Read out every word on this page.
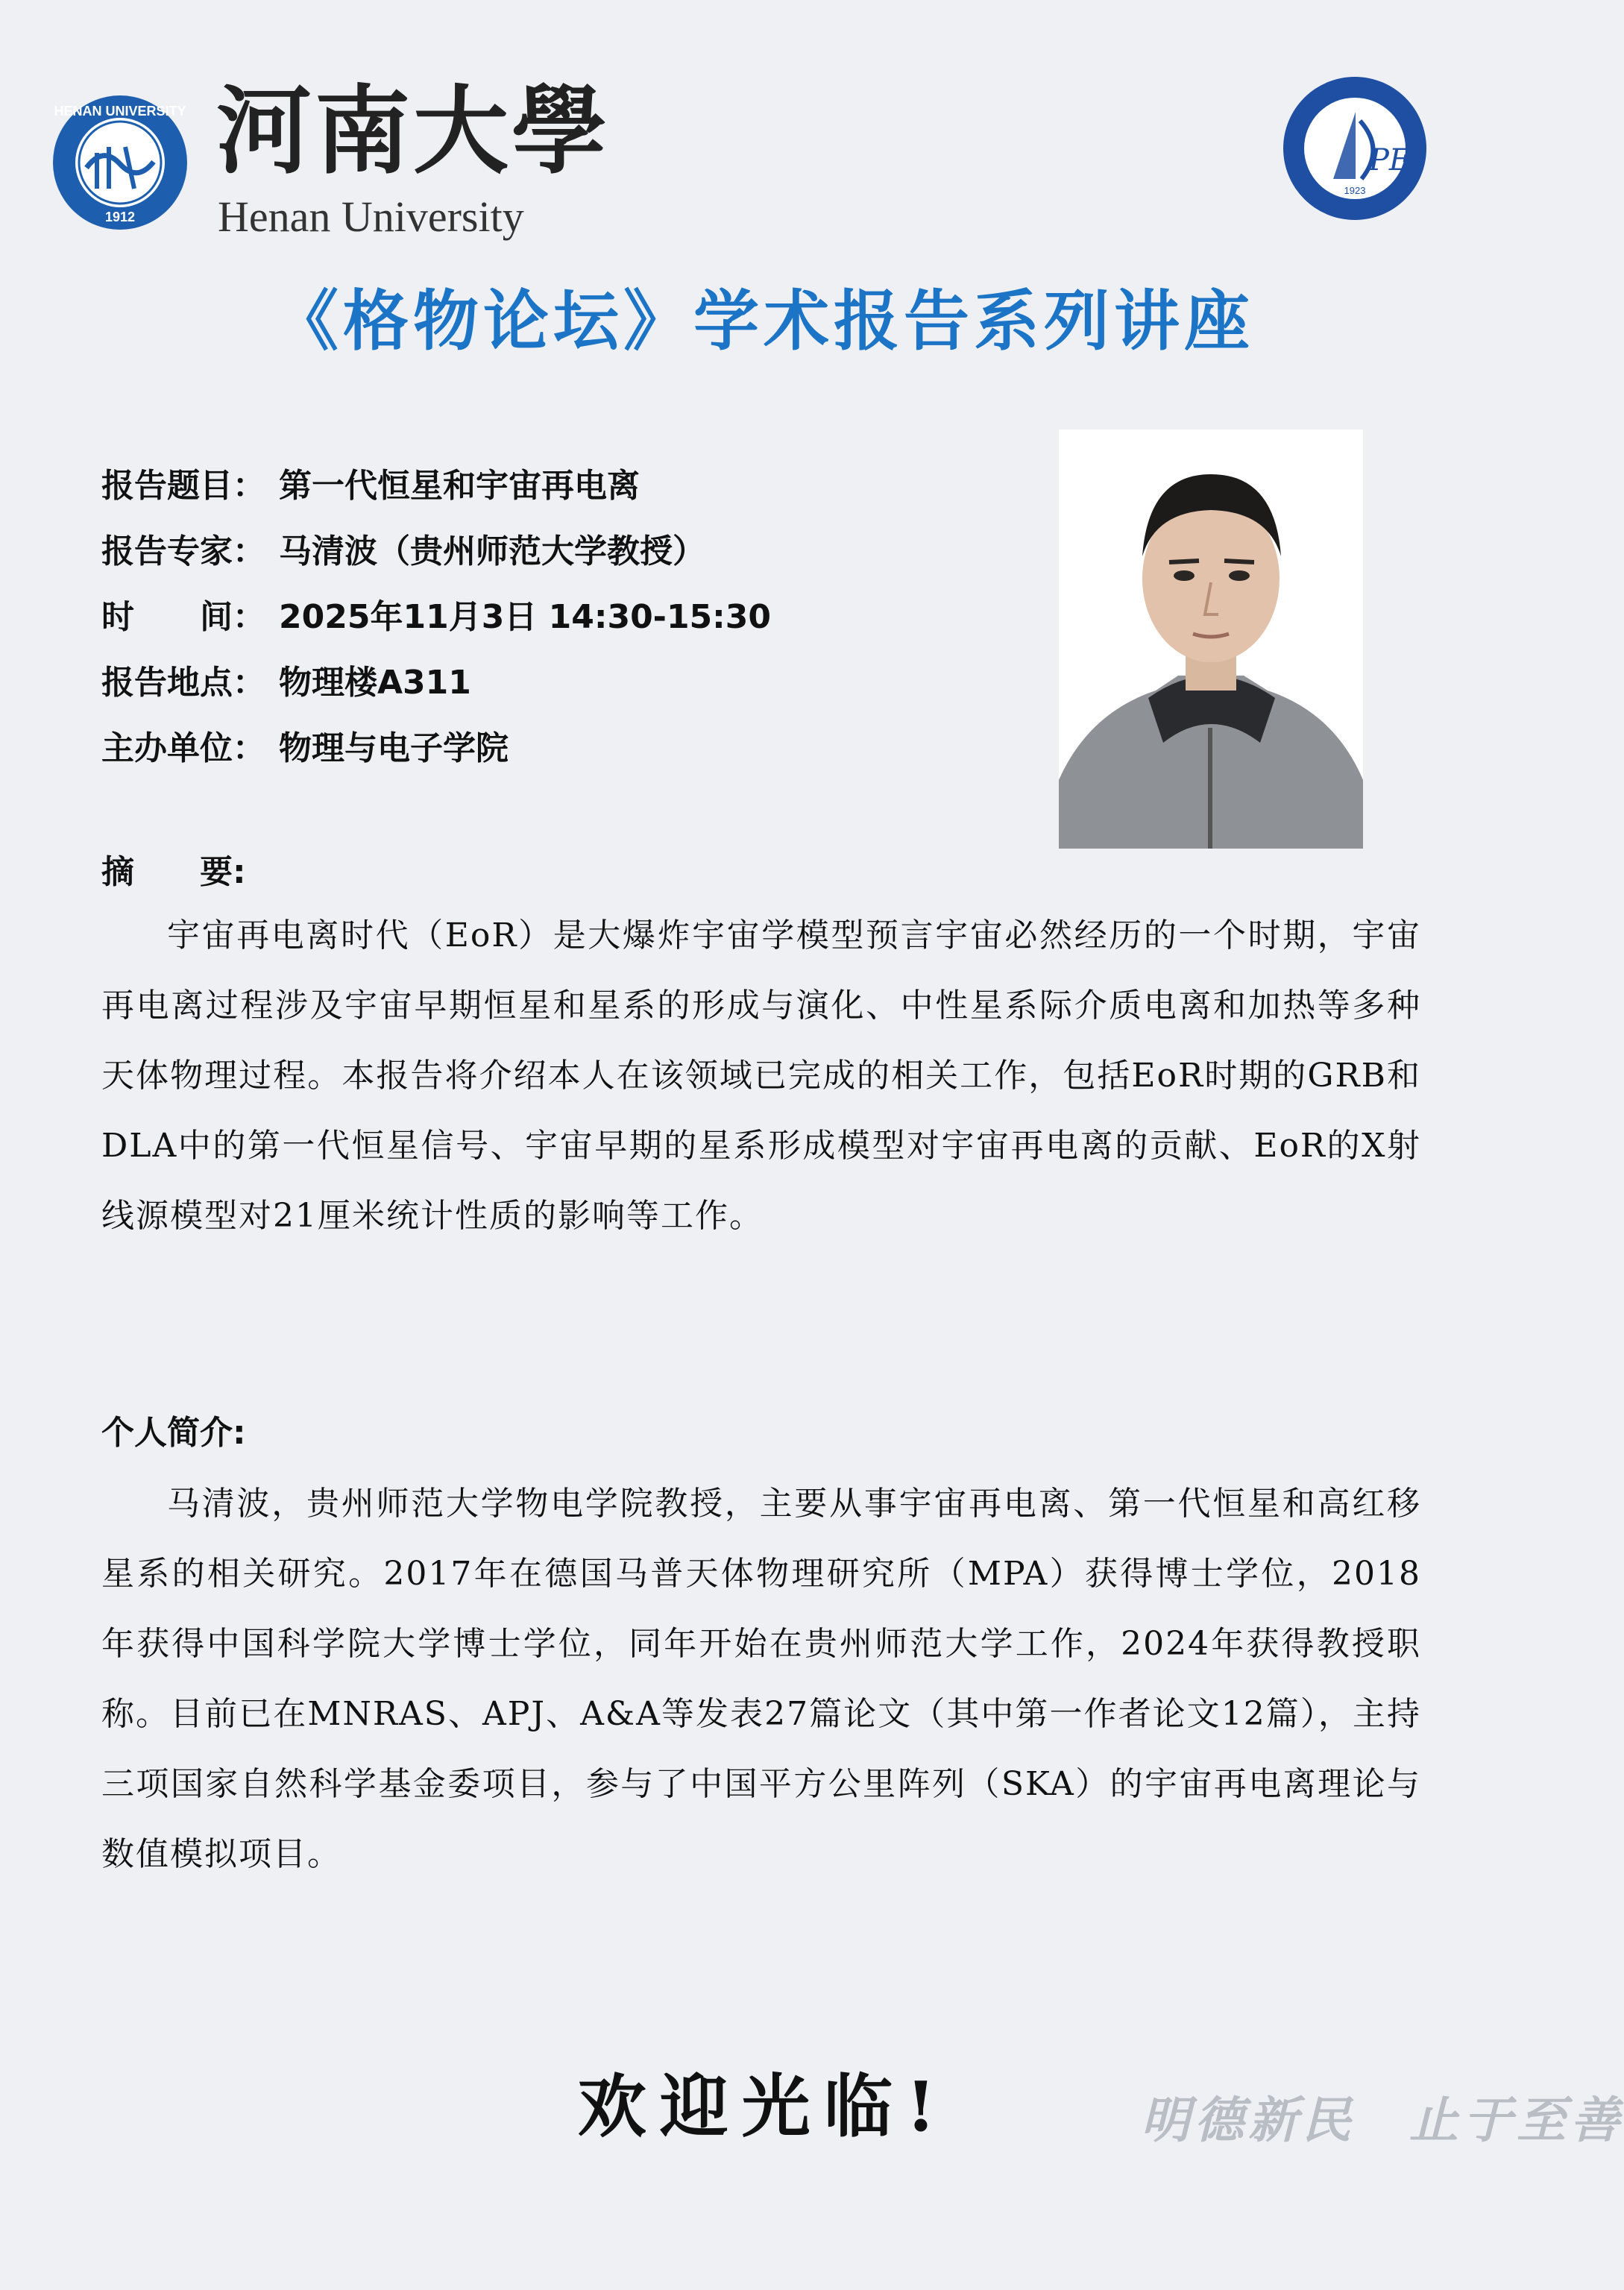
HENAN UNIVERSITY
1912
河南大學
Henan University
PE
1923
《格物论坛》学术报告系列讲座
报告题目： 第一代恒星和宇宙再电离
报告专家： 马清波（贵州师范大学教授）
时　　间： 2025年11月3日 14:30-15:30
报告地点： 物理楼A311
主办单位： 物理与电子学院
摘　　要:
宇宙再电离时代（EoR）是大爆炸宇宙学模型预言宇宙必然经历的一个时期，宇宙再电离过程涉及宇宙早期恒星和星系的形成与演化、中性星系际介质电离和加热等多种天体物理过程。本报告将介绍本人在该领域已完成的相关工作，包括EoR时期的GRB和DLA中的第一代恒星信号、宇宙早期的星系形成模型对宇宙再电离的贡献、EoR的X射线源模型对21厘米统计性质的影响等工作。
个人简介:
马清波，贵州师范大学物电学院教授，主要从事宇宙再电离、第一代恒星和高红移星系的相关研究。2017年在德国马普天体物理研究所（MPA）获得博士学位，2018年获得中国科学院大学博士学位，同年开始在贵州师范大学工作，2024年获得教授职称。目前已在MNRAS、APJ、A&A等发表27篇论文（其中第一作者论文12篇），主持三项国家自然科学基金委项目，参与了中国平方公里阵列（SKA）的宇宙再电离理论与数值模拟项目。
欢迎光临!	明德新民　止于至善
